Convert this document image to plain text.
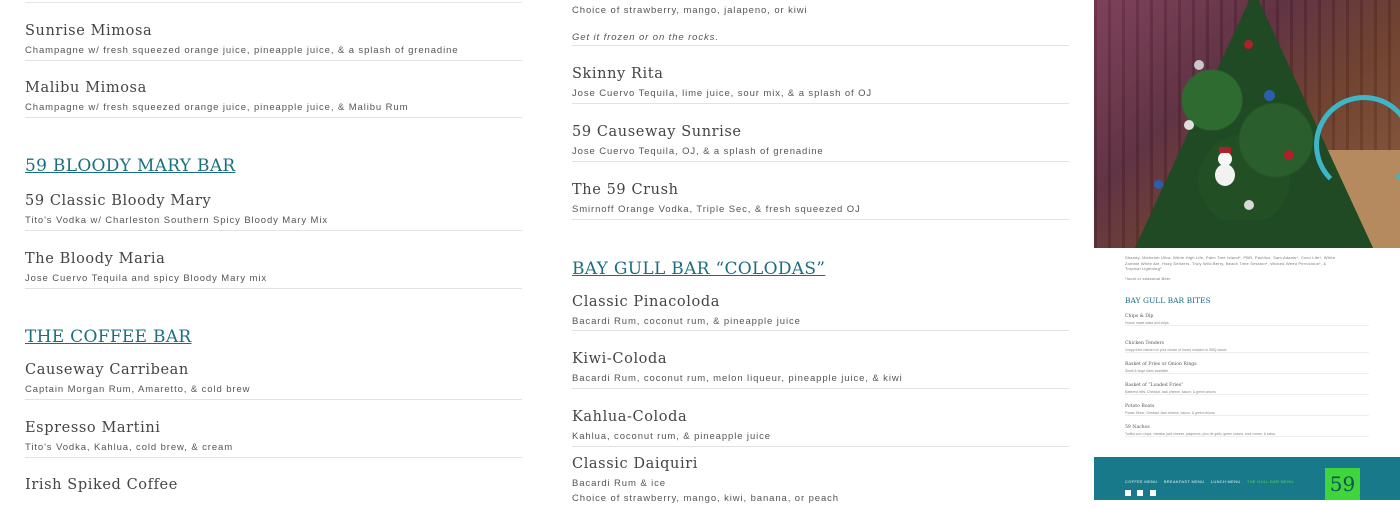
Sunrise Mimosa
Champagne w/ fresh squeezed orange juice, pineapple juice, & a splash of grenadine
Malibu Mimosa
Champagne w/ fresh squeezed orange juice, pineapple juice, & Malibu Rum
59 BLOODY MARY BAR
59 Classic Bloody Mary
Tito's Vodka w/ Charleston Southern Spicy Bloody Mary Mix
The Bloody Maria
Jose Cuervo Tequila and spicy Bloody Mary mix
THE COFFEE BAR
Causeway Carribean
Captain Morgan Rum, Amaretto, & cold brew
Espresso Martini
Tito's Vodka, Kahlua, cold brew, & cream
Irish Spiked Coffee
Choice of strawberry, mango, jalapeno, or kiwi
Get it frozen or on the rocks.
Skinny Rita
Jose Cuervo Tequila, lime juice, sour mix, & a splash of OJ
59 Causeway Sunrise
Jose Cuervo Tequila, OJ, & a splash of grenadine
The 59 Crush
Smirnoff Orange Vodka, Triple Sec, & fresh squeezed OJ
BAY GULL BAR “COLODAS”
Classic Pinacoloda
Bacardi Rum, coconut rum, & pineapple juice
Kiwi-Coloda
Bacardi Rum, coconut rum, melon liqueur, pineapple juice, & kiwi
Kahlua-Coloda
Kahlua, coconut rum, & pineapple juice
Classic Daiquiri
Bacardi Rum & ice
Choice of strawberry, mango, kiwi, banana, or peach
Shandy, Michelob Ultra, White High Life, Palm Tree Island*, PBR, Pacifico, Sam Adams*, Coco Lite*, White
Zombie White Ale, Hazy Seltzers, Truly Wild Berry, Beach Time Session*, Wicked Weed Pernicious*, &
Tropical Lightning*
*local or seasonal Beer
BAY GULL BAR BITES
Chips & Dip
House made salsa and chips.
Chicken Tenders
Crispy fried chicken w/ your choice of honey mustard or BBQ sauce.
Basket of Fries or Onion Rings
Small & large sizes available.
Basket of “Loaded Fries”
Battered fries, Cheddar Jack cheese, bacon, & green onions.
Potato Boats
Potato Skins, Cheddar Jack cheese, bacon, & green onions.
59 Nachos
Tortilla corn chips, cheddar jack cheese, jalapenos, pico de gallo, green onions, sour cream, & salsa.
COFFEE MENU BREAKFAST MENU LUNCH MENU THE GULL BAR MENU
59
